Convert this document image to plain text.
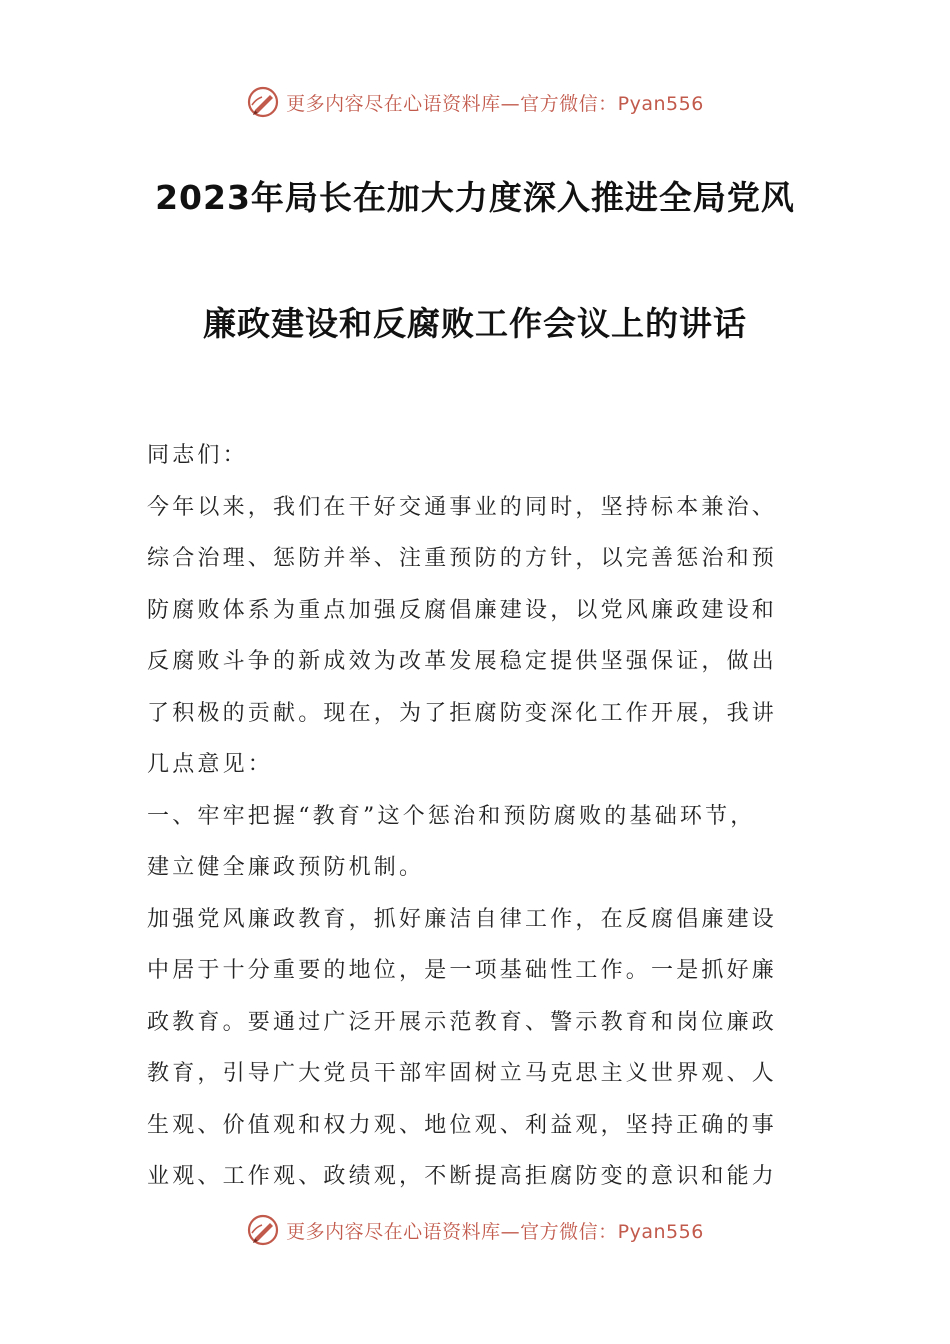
更多内容尽在心语资料库—官方微信：Pyan556
2023年局长在加大力度深入推进全局党风
廉政建设和反腐败工作会议上的讲话
同志们：
今年以来，我们在干好交通事业的同时，坚持标本兼治、
综合治理、惩防并举、注重预防的方针，以完善惩治和预
防腐败体系为重点加强反腐倡廉建设，以党风廉政建设和
反腐败斗争的新成效为改革发展稳定提供坚强保证，做出
了积极的贡献。现在，为了拒腐防变深化工作开展，我讲
几点意见：
一、牢牢把握“教育”这个惩治和预防腐败的基础环节，
建立健全廉政预防机制。
加强党风廉政教育，抓好廉洁自律工作，在反腐倡廉建设
中居于十分重要的地位，是一项基础性工作。一是抓好廉
政教育。要通过广泛开展示范教育、警示教育和岗位廉政
教育，引导广大党员干部牢固树立马克思主义世界观、人
生观、价值观和权力观、地位观、利益观，坚持正确的事
业观、工作观、政绩观，不断提高拒腐防变的意识和能力
更多内容尽在心语资料库—官方微信：Pyan556
